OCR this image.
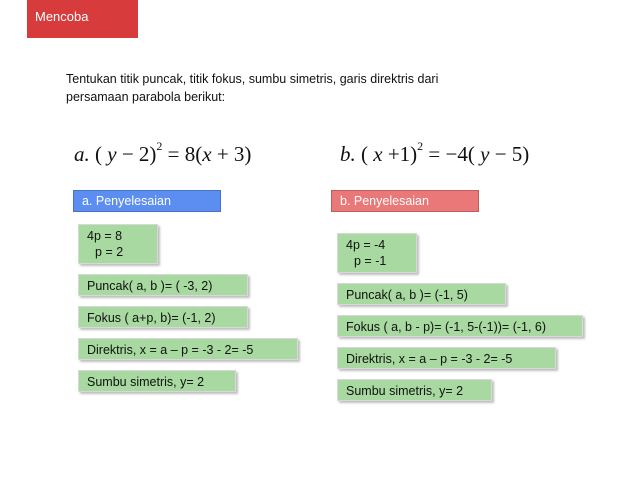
Mencoba
Tentukan titik puncak, titik fokus, sumbu simetris, garis direktris dari
persamaan parabola berikut:
a. ( y − 2)$^2$ = 8(x + 3)	b. ( x +1)$^2$ = −4( y − 5)
a. Penyelesaian
4p = 8
p = 2
Puncak( a, b )= ( -3, 2)
Fokus ( a+p, b)= (-1, 2)
Direktris, x = a – p = -3 - 2= -5
Sumbu simetris, y= 2
b. Penyelesaian
4p = -4
p = -1
Puncak( a, b )= (-1, 5)
Fokus ( a, b - p)= (-1, 5-(-1))= (-1, 6)
Direktris, x = a – p = -3 - 2= -5
Sumbu simetris, y= 2
